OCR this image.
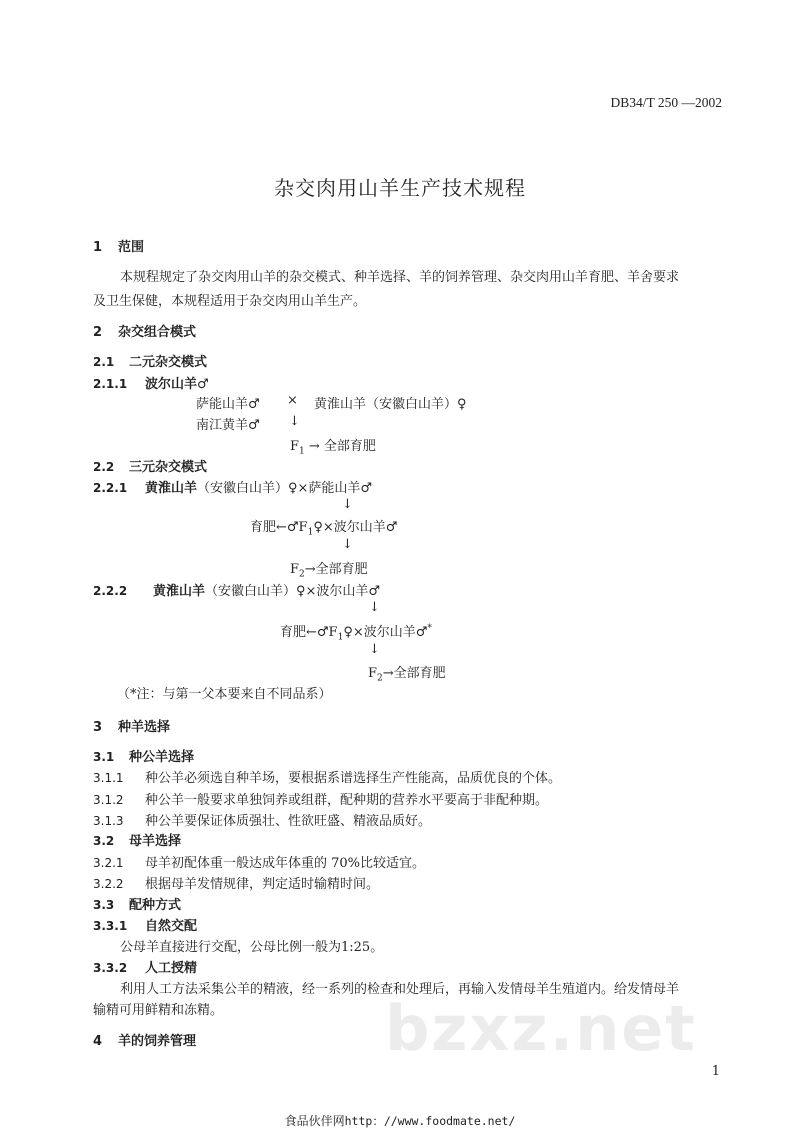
DB34/T 250 —2002
杂交肉用山羊生产技术规程
1 范围
本规程规定了杂交肉用山羊的杂交模式、种羊选择、羊的饲养管理、杂交肉用山羊育肥、羊舍要求
及卫生保健，本规程适用于杂交肉用山羊生产。
2 杂交组合模式
2.1 二元杂交模式
2.1.1 波尔山羊♂
萨能山羊♂ × 黄淮山羊（安徽白山羊）♀
南江黄羊♂ ↓
$F_1$ → 全部育肥
2.2 三元杂交模式
2.2.1 黄淮山羊（安徽白山羊）♀×萨能山羊♂
↓
育肥$\leftarrow♂F_1♀\times$波尔山羊♂
↓
$F_2\to$全部育肥
2.2.2 黄淮山羊（安徽白山羊）♀×波尔山羊♂
↓
育肥$\leftarrow♂F_1♀\times$波尔山羊♂*
↓
$F_2\to$全部育肥
（*注：与第一父本要来自不同品系）
3 种羊选择
3.1 种公羊选择
3.1.1 种公羊必须选自种羊场，要根据系谱选择生产性能高，品质优良的个体。
3.1.2 种公羊一般要求单独饲养或组群，配种期的营养水平要高于非配种期。
3.1.3 种公羊要保证体质强壮、性欲旺盛、精液品质好。
3.2 母羊选择
3.2.1 母羊初配体重一般达成年体重的 70%比较适宜。
3.2.2 根据母羊发情规律，判定适时输精时间。
3.3 配种方式
3.3.1 自然交配
公母羊直接进行交配，公母比例一般为1:25。
3.3.2 人工授精
利用人工方法采集公羊的精液，经一系列的检查和处理后，再输入发情母羊生殖道内。给发情母羊
输精可用鲜精和冻精。
4 羊的饲养管理	bzxz.net
1
食品伙伴网http：//www.foodmate.net/
